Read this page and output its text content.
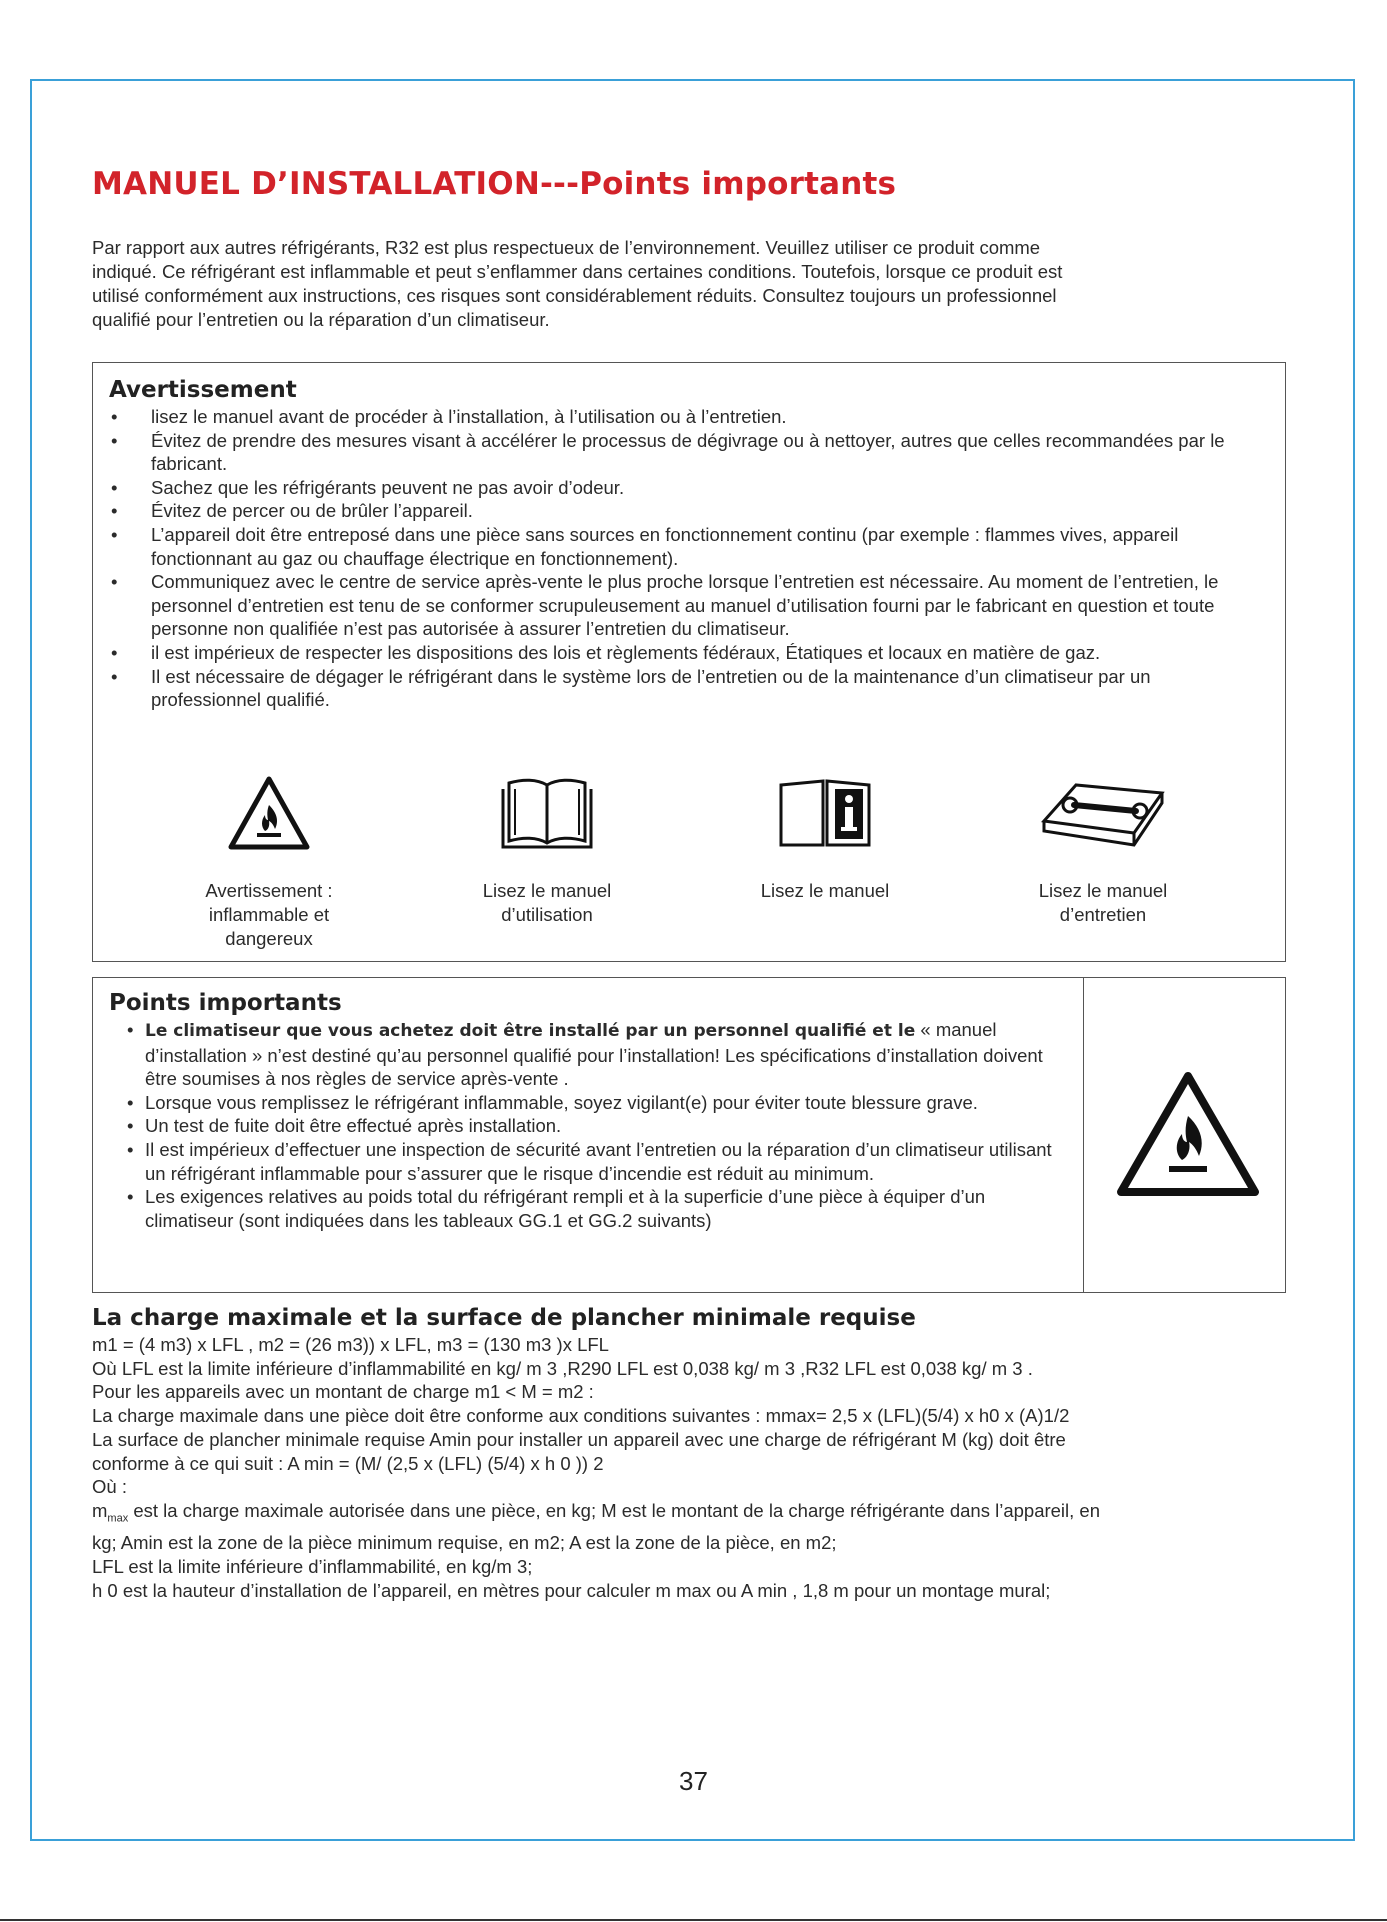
MANUEL D’INSTALLATION---Points importants
Par rapport aux autres réfrigérants, R32 est plus respectueux de l’environnement. Veuillez utiliser ce produit comme
indiqué. Ce réfrigérant est inflammable et peut s’enflammer dans certaines conditions. Toutefois, lorsque ce produit est
utilisé conformément aux instructions, ces risques sont considérablement réduits. Consultez toujours un professionnel
qualifié pour l’entretien ou la réparation d’un climatiseur.
Avertissement
• lisez le manuel avant de procéder à l’installation, à l’utilisation ou à l’entretien.
• Évitez de prendre des mesures visant à accélérer le processus de dégivrage ou à nettoyer, autres que celles recommandées par le fabricant.
• Sachez que les réfrigérants peuvent ne pas avoir d’odeur.
• Évitez de percer ou de brûler l’appareil.
• L’appareil doit être entreposé dans une pièce sans sources en fonctionnement continu (par exemple : flammes vives, appareil fonctionnant au gaz ou chauffage électrique en fonctionnement).
• Communiquez avec le centre de service après-vente le plus proche lorsque l’entretien est nécessaire. Au moment de l’entretien, le personnel d’entretien est tenu de se conformer scrupuleusement au manuel d’utilisation fourni par le fabricant en question et toute personne non qualifiée n’est pas autorisée à assurer l’entretien du climatiseur.
• il est impérieux de respecter les dispositions des lois et règlements fédéraux, Étatiques et locaux en matière de gaz.
• Il est nécessaire de dégager le réfrigérant dans le système lors de l’entretien ou de la maintenance d’un climatiseur par un professionnel qualifié.
Avertissement :
inflammable et
dangereux
Lisez le manuel
d’utilisation
Lisez le manuel	Lisez le manuel
d’entretien
Points importants
• Le climatiseur que vous achetez doit être installé par un personnel qualifié et le « manuel d’installation » n’est destiné qu’au personnel qualifié pour l’installation! Les spécifications d’installation doivent être soumises à nos règles de service après-vente .
• Lorsque vous remplissez le réfrigérant inflammable, soyez vigilant(e) pour éviter toute blessure grave.
• Un test de fuite doit être effectué après installation.
• Il est impérieux d’effectuer une inspection de sécurité avant l’entretien ou la réparation d’un climatiseur utilisant un réfrigérant inflammable pour s’assurer que le risque d’incendie est réduit au minimum.
• Les exigences relatives au poids total du réfrigérant rempli et à la superficie d’une pièce à équiper d’un climatiseur (sont indiquées dans les tableaux GG.1 et GG.2 suivants)
La charge maximale et la surface de plancher minimale requise

m1 = (4 m3) x LFL , m2 = (26 m3)) x LFL, m3 = (130 m3 )x LFL

Où LFL est la limite inférieure d’inflammabilité en kg/ m 3 ,R290 LFL est 0,038 kg/ m 3 ,R32 LFL est 0,038 kg/ m 3 .

Pour les appareils avec un montant de charge m1 < M = m2 :

La charge maximale dans une pièce doit être conforme aux conditions suivantes : mmax= 2,5 x (LFL)(5/4) x h0 x (A)1/2

La surface de plancher minimale requise Amin pour installer un appareil avec une charge de réfrigérant M (kg) doit être

conforme à ce qui suit : A min = (M/ (2,5 x (LFL) (5/4) x h 0 )) 2

Où :

$m_{max}$ est la charge maximale autorisée dans une pièce, en kg; M est le montant de la charge réfrigérante dans l’appareil, en

kg; Amin est la zone de la pièce minimum requise, en m2; A est la zone de la pièce, en m2;

LFL est la limite inférieure d’inflammabilité, en kg/m 3;

h 0 est la hauteur d’installation de l’appareil, en mètres pour calculer m max ou A min , 1,8 m pour un montage mural;

37
